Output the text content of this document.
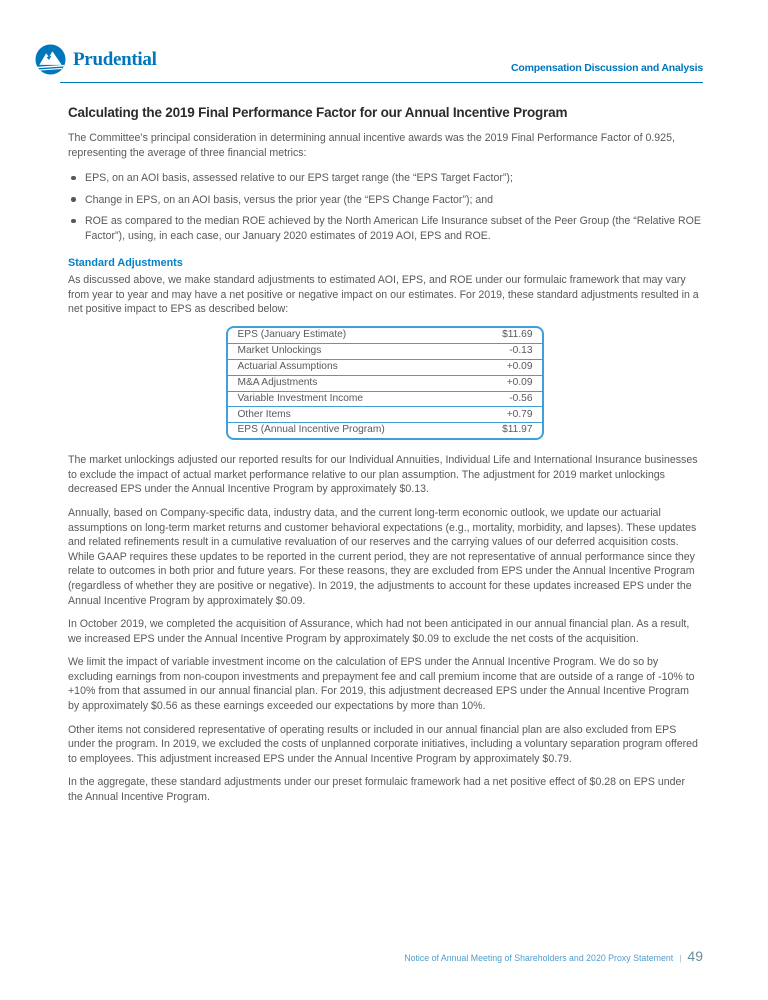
Prudential	Compensation Discussion and Analysis
Calculating the 2019 Final Performance Factor for our Annual Incentive Program

The Committee’s principal consideration in determining annual incentive awards was the 2019 Final Performance Factor of 0.925, representing the average of three financial metrics:

EPS, on an AOI basis, assessed relative to our EPS target range (the “EPS Target Factor”);
Change in EPS, on an AOI basis, versus the prior year (the “EPS Change Factor”); and
ROE as compared to the median ROE achieved by the North American Life Insurance subset of the Peer Group (the “Relative ROE Factor”), using, in each case, our January 2020 estimates of 2019 AOI, EPS and ROE.
Standard Adjustments

As discussed above, we make standard adjustments to estimated AOI, EPS, and ROE under our formulaic framework that may vary from year to year and may have a net positive or negative impact on our estimates. For 2019, these standard adjustments resulted in a net positive impact to EPS as described below:

EPS (January Estimate)	$11.69
Market Unlockings	-0.13
Actuarial Assumptions	+0.09
M&A Adjustments	+0.09
Variable Investment Income	-0.56
Other Items	+0.79
EPS (Annual Incentive Program)	$11.97

The market unlockings adjusted our reported results for our Individual Annuities, Individual Life and International Insurance businesses to exclude the impact of actual market performance relative to our plan assumption. The adjustment for 2019 market unlockings decreased EPS under the Annual Incentive Program by approximately $0.13.

Annually, based on Company-specific data, industry data, and the current long-term economic outlook, we update our actuarial assumptions on long-term market returns and customer behavioral expectations (e.g., mortality, morbidity, and lapses). These updates and related refinements result in a cumulative revaluation of our reserves and the carrying values of our deferred acquisition costs. While GAAP requires these updates to be reported in the current period, they are not representative of annual performance since they relate to outcomes in both prior and future years. For these reasons, they are excluded from EPS under the Annual Incentive Program (regardless of whether they are positive or negative). In 2019, the adjustments to account for these updates increased EPS under the Annual Incentive Program by approximately $0.09.

In October 2019, we completed the acquisition of Assurance, which had not been anticipated in our annual financial plan. As a result, we increased EPS under the Annual Incentive Program by approximately $0.09 to exclude the net costs of the acquisition.

We limit the impact of variable investment income on the calculation of EPS under the Annual Incentive Program. We do so by excluding earnings from non-coupon investments and prepayment fee and call premium income that are outside of a range of -10% to +10% from that assumed in our annual financial plan. For 2019, this adjustment decreased EPS under the Annual Incentive Program by approximately $0.56 as these earnings exceeded our expectations by more than 10%.

Other items not considered representative of operating results or included in our annual financial plan are also excluded from EPS under the program. In 2019, we excluded the costs of unplanned corporate initiatives, including a voluntary separation program offered to employees. This adjustment increased EPS under the Annual Incentive Program by approximately $0.79.

In the aggregate, these standard adjustments under our preset formulaic framework had a net positive effect of $0.28 on EPS under the Annual Incentive Program.

Notice of Annual Meeting of Shareholders and 2020 Proxy Statement | 49
